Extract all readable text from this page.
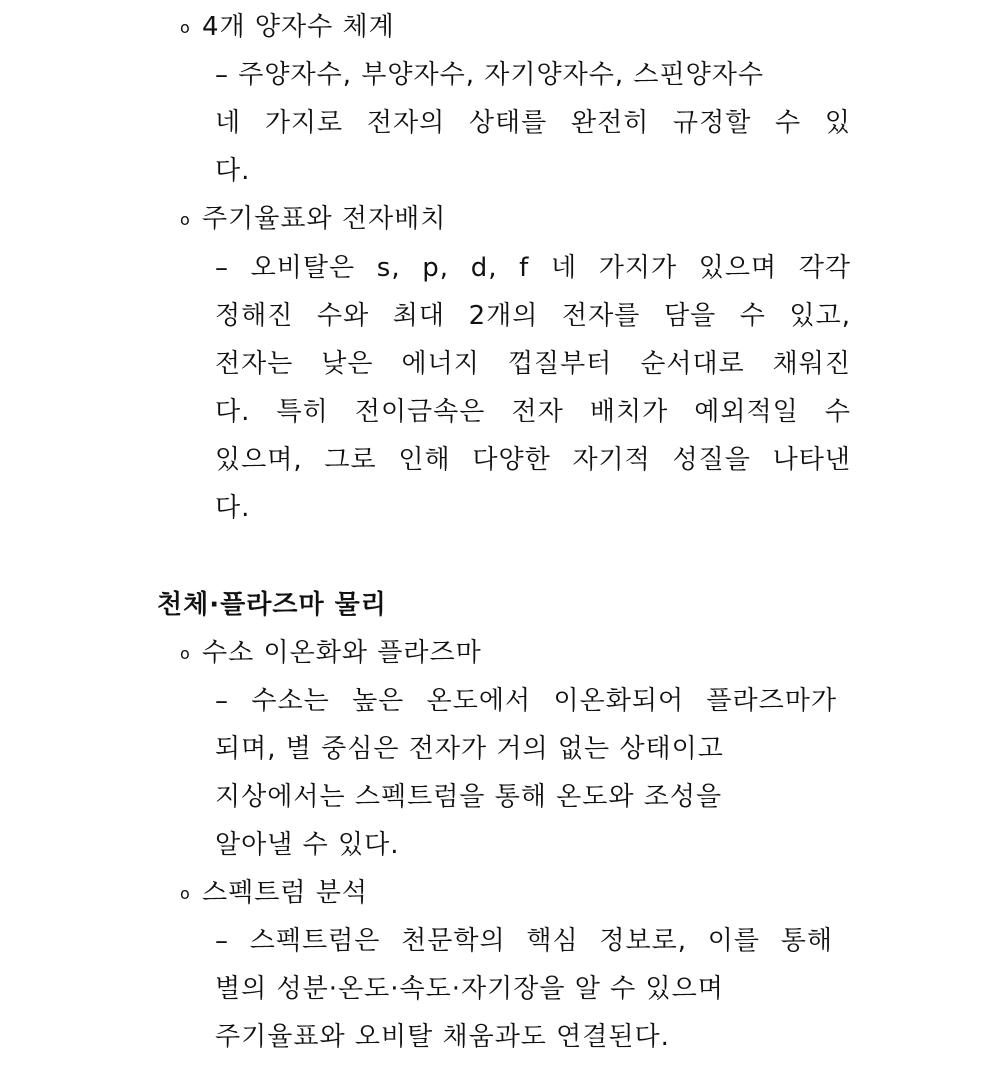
o 4개 양자수 체계
– 주양자수, 부양자수, 자기양자수, 스핀양자수
네 가지로 전자의 상태를 완전히 규정할 수 있
다.
o 주기율표와 전자배치
– 오비탈은 s, p, d, f 네 가지가 있으며 각각
정해진 수와 최대 2개의 전자를 담을 수 있고,
전자는 낮은 에너지 껍질부터 순서대로 채워진
다. 특히 전이금속은 전자 배치가 예외적일 수
있으며, 그로 인해 다양한 자기적 성질을 나타낸
다.
천체·플라즈마 물리
o 수소 이온화와 플라즈마
– 수소는 높은 온도에서 이온화되어 플라즈마가
되며, 별 중심은 전자가 거의 없는 상태이고
지상에서는 스펙트럼을 통해 온도와 조성을
알아낼 수 있다.
o 스펙트럼 분석
– 스펙트럼은 천문학의 핵심 정보로, 이를 통해
별의 성분·온도·속도·자기장을 알 수 있으며
주기율표와 오비탈 채움과도 연결된다.
